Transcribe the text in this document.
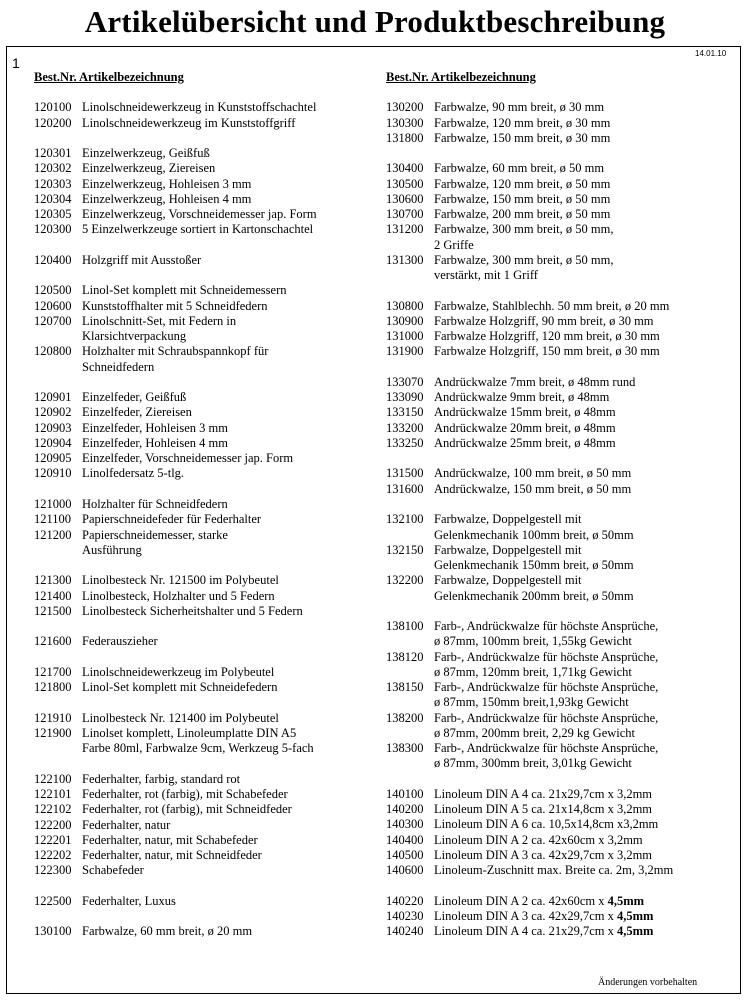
Artikelübersicht und Produktbeschreibung
1
14.01.10
Best.Nr. Artikelbezeichnung
120100 Linolschneidewerkzeug in Kunststoffschachtel
120200 Linolschneidewerkzeug im Kunststoffgriff
120301 Einzelwerkzeug, Geißfuß
120302 Einzelwerkzeug, Ziereisen
120303 Einzelwerkzeug, Hohleisen 3 mm
120304 Einzelwerkzeug, Hohleisen 4 mm
120305 Einzelwerkzeug, Vorschneidemesser jap. Form
120300 5 Einzelwerkzeuge sortiert in Kartonschachtel
120400 Holzgriff mit Ausstoßer
120500 Linol-Set komplett mit Schneidemessern
120600 Kunststoffhalter mit 5 Schneidfedern
120700 Linolschnitt-Set, mit Federn in
Klarsichtverpackung
120800 Holzhalter mit Schraubspannkopf für
Schneidfedern
120901 Einzelfeder, Geißfuß
120902 Einzelfeder, Ziereisen
120903 Einzelfeder, Hohleisen 3 mm
120904 Einzelfeder, Hohleisen 4 mm
120905 Einzelfeder, Vorschneidemesser jap. Form
120910 Linolfedersatz 5-tlg.
121000 Holzhalter für Schneidfedern
121100 Papierschneidefeder für Federhalter
121200 Papierschneidemesser, starke
Ausführung
121300 Linolbesteck Nr. 121500 im Polybeutel
121400 Linolbesteck, Holzhalter und 5 Federn
121500 Linolbesteck Sicherheitshalter und 5 Federn
121600 Federauszieher
121700 Linolschneidewerkzeug im Polybeutel
121800 Linol-Set komplett mit Schneidefedern
121910 Linolbesteck Nr. 121400 im Polybeutel
121900 Linolset komplett, Linoleumplatte DIN A5
Farbe 80ml, Farbwalze 9cm, Werkzeug 5-fach
122100 Federhalter, farbig, standard rot
122101 Federhalter, rot (farbig), mit Schabefeder
122102 Federhalter, rot (farbig), mit Schneidfeder
122200 Federhalter, natur
122201 Federhalter, natur, mit Schabefeder
122202 Federhalter, natur, mit Schneidfeder
122300 Schabefeder
122500 Federhalter, Luxus
130100 Farbwalze, 60 mm breit, ø 20 mm
Best.Nr. Artikelbezeichnung
130200 Farbwalze, 90 mm breit, ø 30 mm
130300 Farbwalze, 120 mm breit, ø 30 mm
131800 Farbwalze, 150 mm breit, ø 30 mm
130400 Farbwalze, 60 mm breit, ø 50 mm
130500 Farbwalze, 120 mm breit, ø 50 mm
130600 Farbwalze, 150 mm breit, ø 50 mm
130700 Farbwalze, 200 mm breit, ø 50 mm
131200 Farbwalze, 300 mm breit, ø 50 mm,
2 Griffe
131300 Farbwalze, 300 mm breit, ø 50 mm,
verstärkt, mit 1 Griff
130800 Farbwalze, Stahlblechh. 50 mm breit, ø 20 mm
130900 Farbwalze Holzgriff, 90 mm breit, ø 30 mm
131000 Farbwalze Holzgriff, 120 mm breit, ø 30 mm
131900 Farbwalze Holzgriff, 150 mm breit, ø 30 mm
133070 Andrückwalze 7mm breit, ø 48mm rund
133090 Andrückwalze 9mm breit, ø 48mm
133150 Andrückwalze 15mm breit, ø 48mm
133200 Andrückwalze 20mm breit, ø 48mm
133250 Andrückwalze 25mm breit, ø 48mm
131500 Andrückwalze, 100 mm breit, ø 50 mm
131600 Andrückwalze, 150 mm breit, ø 50 mm
132100 Farbwalze, Doppelgestell mit
Gelenkmechanik 100mm breit, ø 50mm
132150 Farbwalze, Doppelgestell mit
Gelenkmechanik 150mm breit, ø 50mm
132200 Farbwalze, Doppelgestell mit
Gelenkmechanik 200mm breit, ø 50mm
138100 Farb-, Andrückwalze für höchste Ansprüche,
ø 87mm, 100mm breit, 1,55kg Gewicht
138120 Farb-, Andrückwalze für höchste Ansprüche,
ø 87mm, 120mm breit, 1,71kg Gewicht
138150 Farb-, Andrückwalze für höchste Ansprüche,
ø 87mm, 150mm breit,1,93kg Gewicht
138200 Farb-, Andrückwalze für höchste Ansprüche,
ø 87mm, 200mm breit, 2,29 kg Gewicht
138300 Farb-, Andrückwalze für höchste Ansprüche,
ø 87mm, 300mm breit, 3,01kg Gewicht
140100 Linoleum DIN A 4 ca. 21x29,7cm x 3,2mm
140200 Linoleum DIN A 5 ca. 21x14,8cm x 3,2mm
140300 Linoleum DIN A 6 ca. 10,5x14,8cm x3,2mm
140400 Linoleum DIN A 2 ca. 42x60cm x 3,2mm
140500 Linoleum DIN A 3 ca. 42x29,7cm x 3,2mm
140600 Linoleum-Zuschnitt max. Breite ca. 2m, 3,2mm
140220 Linoleum DIN A 2 ca. 42x60cm x 4,5mm
140230 Linoleum DIN A 3 ca. 42x29,7cm x 4,5mm
140240 Linoleum DIN A 4 ca. 21x29,7cm x 4,5mm
Änderungen vorbehalten
